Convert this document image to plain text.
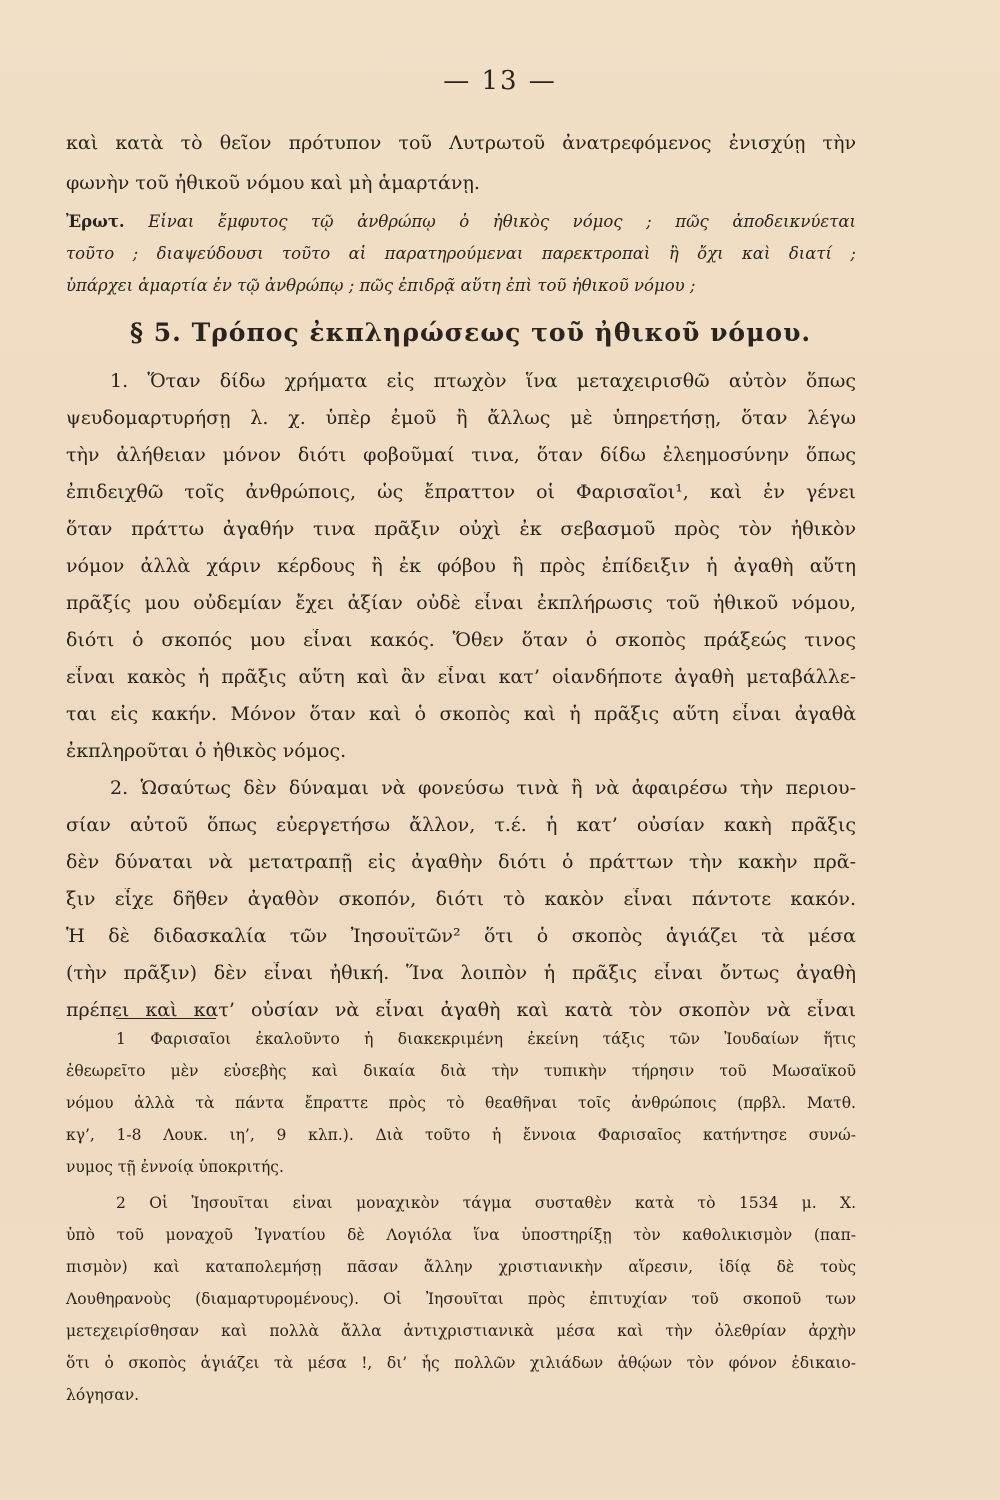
— 13 —
καὶ κατὰ τὸ θεῖον πρότυπον τοῦ Λυτρωτοῦ ἀνατρεφόμενος ἐνισχύῃ τὴν
φωνὴν τοῦ ἠθικοῦ νόμου καὶ μὴ ἁμαρτάνῃ.
Ἐρωτ. Εἶναι ἔμφυτος τῷ ἀνθρώπῳ ὁ ἠθικὸς νόμος ; πῶς ἀποδεικνύεται
τοῦτο ; διαψεύδουσι τοῦτο αἱ παρατηρούμεναι παρεκτροπαὶ ἢ ὄχι καὶ διατί ;
ὑπάρχει ἁμαρτία ἐν τῷ ἀνθρώπῳ ; πῶς ἐπιδρᾷ αὕτη ἐπὶ τοῦ ἠθικοῦ νόμου ;
§ 5. Τρόπος ἐκπληρώσεως τοῦ ἠθικοῦ νόμου.
1. Ὅταν δίδω χρήματα εἰς πτωχὸν ἵνα μεταχειρισθῶ αὐτὸν ὅπως
ψευδομαρτυρήσῃ λ. χ. ὑπὲρ ἐμοῦ ἢ ἄλλως μὲ ὑπηρετήσῃ, ὅταν λέγω
τὴν ἀλήθειαν μόνον διότι φοβοῦμαί τινα, ὅταν δίδω ἐλεημοσύνην ὅπως
ἐπιδειχθῶ τοῖς ἀνθρώποις, ὡς ἔπραττον οἱ Φαρισαῖοι¹, καὶ ἐν γένει
ὅταν πράττω ἀγαθήν τινα πρᾶξιν οὐχὶ ἐκ σεβασμοῦ πρὸς τὸν ἠθικὸν
νόμον ἀλλὰ χάριν κέρδους ἢ ἐκ φόβου ἢ πρὸς ἐπίδειξιν ἡ ἀγαθὴ αὕτη
πρᾶξίς μου οὐδεμίαν ἔχει ἀξίαν οὐδὲ εἶναι ἐκπλήρωσις τοῦ ἠθικοῦ νόμου,
διότι ὁ σκοπός μου εἶναι κακός. Ὅθεν ὅταν ὁ σκοπὸς πράξεώς τινος
εἶναι κακὸς ἡ πρᾶξις αὕτη καὶ ἂν εἶναι κατ’ οἱανδήποτε ἀγαθὴ μεταβάλλε-
ται εἰς κακήν. Μόνον ὅταν καὶ ὁ σκοπὸς καὶ ἡ πρᾶξις αὕτη εἶναι ἀγαθὰ
ἐκπληροῦται ὁ ἠθικὸς νόμος.
2. Ὡσαύτως δὲν δύναμαι νὰ φονεύσω τινὰ ἢ νὰ ἀφαιρέσω τὴν περιου-
σίαν αὐτοῦ ὅπως εὐεργετήσω ἄλλον, τ.έ. ἡ κατ’ οὐσίαν κακὴ πρᾶξις
δὲν δύναται νὰ μετατραπῇ εἰς ἀγαθὴν διότι ὁ πράττων τὴν κακὴν πρᾶ-
ξιν εἶχε δῆθεν ἀγαθὸν σκοπόν, διότι τὸ κακὸν εἶναι πάντοτε κακόν.
Ἡ δὲ διδασκαλία τῶν Ἰησουϊτῶν² ὅτι ὁ σκοπὸς ἁγιάζει τὰ μέσα
(τὴν πρᾶξιν) δὲν εἶναι ἠθική. Ἵνα λοιπὸν ἡ πρᾶξις εἶναι ὄντως ἀγαθὴ
πρέπει καὶ κατ’ οὐσίαν νὰ εἶναι ἀγαθὴ καὶ κατὰ τὸν σκοπὸν νὰ εἶναι
1 Φαρισαῖοι ἐκαλοῦντο ἡ διακεκριμένη ἐκείνη τάξις τῶν Ἰουδαίων ἥτις
ἐθεωρεῖτο μὲν εὐσεβὴς καὶ δικαία διὰ τὴν τυπικὴν τήρησιν τοῦ Μωσαϊκοῦ
νόμου ἀλλὰ τὰ πάντα ἔπραττε πρὸς τὸ θεαθῆναι τοῖς ἀνθρώποις (πρβλ. Ματθ.
κγ’, 1-8 Λουκ. ιη’, 9 κλπ.). Διὰ τοῦτο ἡ ἔννοια Φαρισαῖος κατήντησε συνώ-
νυμος τῇ ἐννοίᾳ ὑποκριτής.
2 Οἱ Ἰησουῖται εἶναι μοναχικὸν τάγμα συσταθὲν κατὰ τὸ 1534 μ. Χ.
ὑπὸ τοῦ μοναχοῦ Ἰγνατίου δὲ Λογιόλα ἵνα ὑποστηρίξῃ τὸν καθολικισμὸν (παπ-
πισμὸν) καὶ καταπολεμήσῃ πᾶσαν ἄλλην χριστιανικὴν αἵρεσιν, ἰδίᾳ δὲ τοὺς
Λουθηρανοὺς (διαμαρτυρομένους). Οἱ Ἰησουῖται πρὸς ἐπιτυχίαν τοῦ σκοποῦ των
μετεχειρίσθησαν καὶ πολλὰ ἄλλα ἀντιχριστιανικὰ μέσα καὶ τὴν ὀλεθρίαν ἀρχὴν
ὅτι ὁ σκοπὸς ἁγιάζει τὰ μέσα !, δι’ ἧς πολλῶν χιλιάδων ἀθῴων τὸν φόνον ἐδικαιο-
λόγησαν.
